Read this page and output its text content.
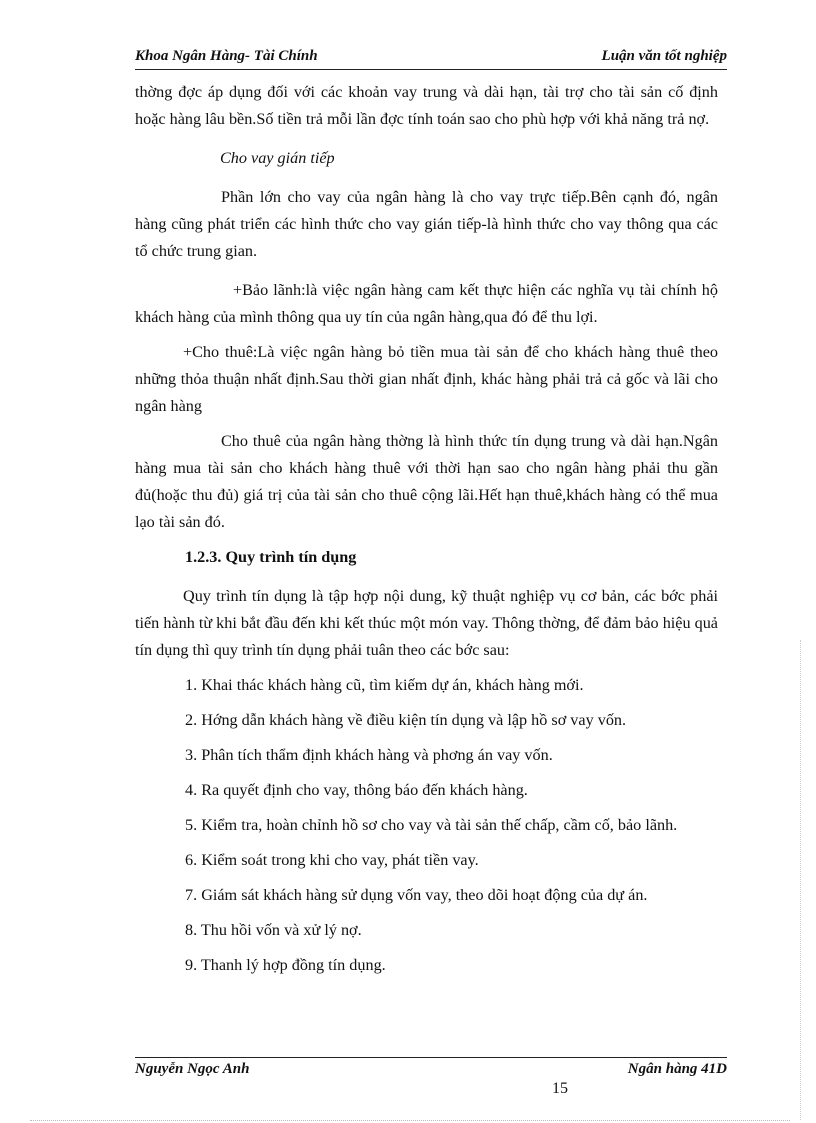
Khoa Ngân Hàng- Tài Chính	Luận văn tốt nghiệp

thờng đợc áp dụng đối với các khoản vay trung và dài hạn, tài trợ cho tài sản cố định hoặc hàng lâu bền.Số tiền trả mỗi lần đợc tính toán sao cho phù hợp với khả năng trả nợ.

Cho vay gián tiếp

Phần lớn cho vay của ngân hàng là cho vay trực tiếp.Bên cạnh đó, ngân hàng cũng phát triển các hình thức cho vay gián tiếp-là hình thức cho vay thông qua các tổ chức trung gian.

+Bảo lãnh:là việc ngân hàng cam kết thực hiện các nghĩa vụ tài chính hộ khách hàng của mình thông qua uy tín của ngân hàng,qua đó để thu lợi.

+Cho thuê:Là việc ngân hàng bỏ tiền mua tài sản để cho khách hàng thuê theo những thỏa thuận nhất định.Sau thời gian nhất định, khác hàng phải trả cả gốc và lãi cho ngân hàng

Cho thuê của ngân hàng thờng là hình thức tín dụng trung và dài hạn.Ngân hàng mua tài sản cho khách hàng thuê với thời hạn sao cho ngân hàng phải thu gần đủ(hoặc thu đủ) giá trị của tài sản cho thuê cộng lãi.Hết hạn thuê,khách hàng có thể mua lạo tài sản đó.

1.2.3. Quy trình tín dụng

Quy trình tín dụng là tập hợp nội dung, kỹ thuật nghiệp vụ cơ bản, các bớc phải tiến hành từ khi bắt đầu đến khi kết thúc một món vay. Thông thờng, để đảm bảo hiệu quả tín dụng thì quy trình tín dụng phải tuân theo các bớc sau:

1. Khai thác khách hàng cũ, tìm kiếm dự án, khách hàng mới.

2. Hớng dẫn khách hàng về điều kiện tín dụng và lập hồ sơ vay vốn.

3. Phân tích thẩm định khách hàng và phơng án vay vốn.

4. Ra quyết định cho vay, thông báo đến khách hàng.

5. Kiểm tra, hoàn chỉnh hồ sơ cho vay và tài sản thế chấp, cầm cố, bảo lãnh.

6. Kiểm soát trong khi cho vay, phát tiền vay.

7. Giám sát khách hàng sử dụng vốn vay, theo dõi hoạt động của dự án.

8. Thu hồi vốn và xử lý nợ.

9. Thanh lý hợp đồng tín dụng.

Nguyễn Ngọc Anh	Ngân hàng 41D
15
